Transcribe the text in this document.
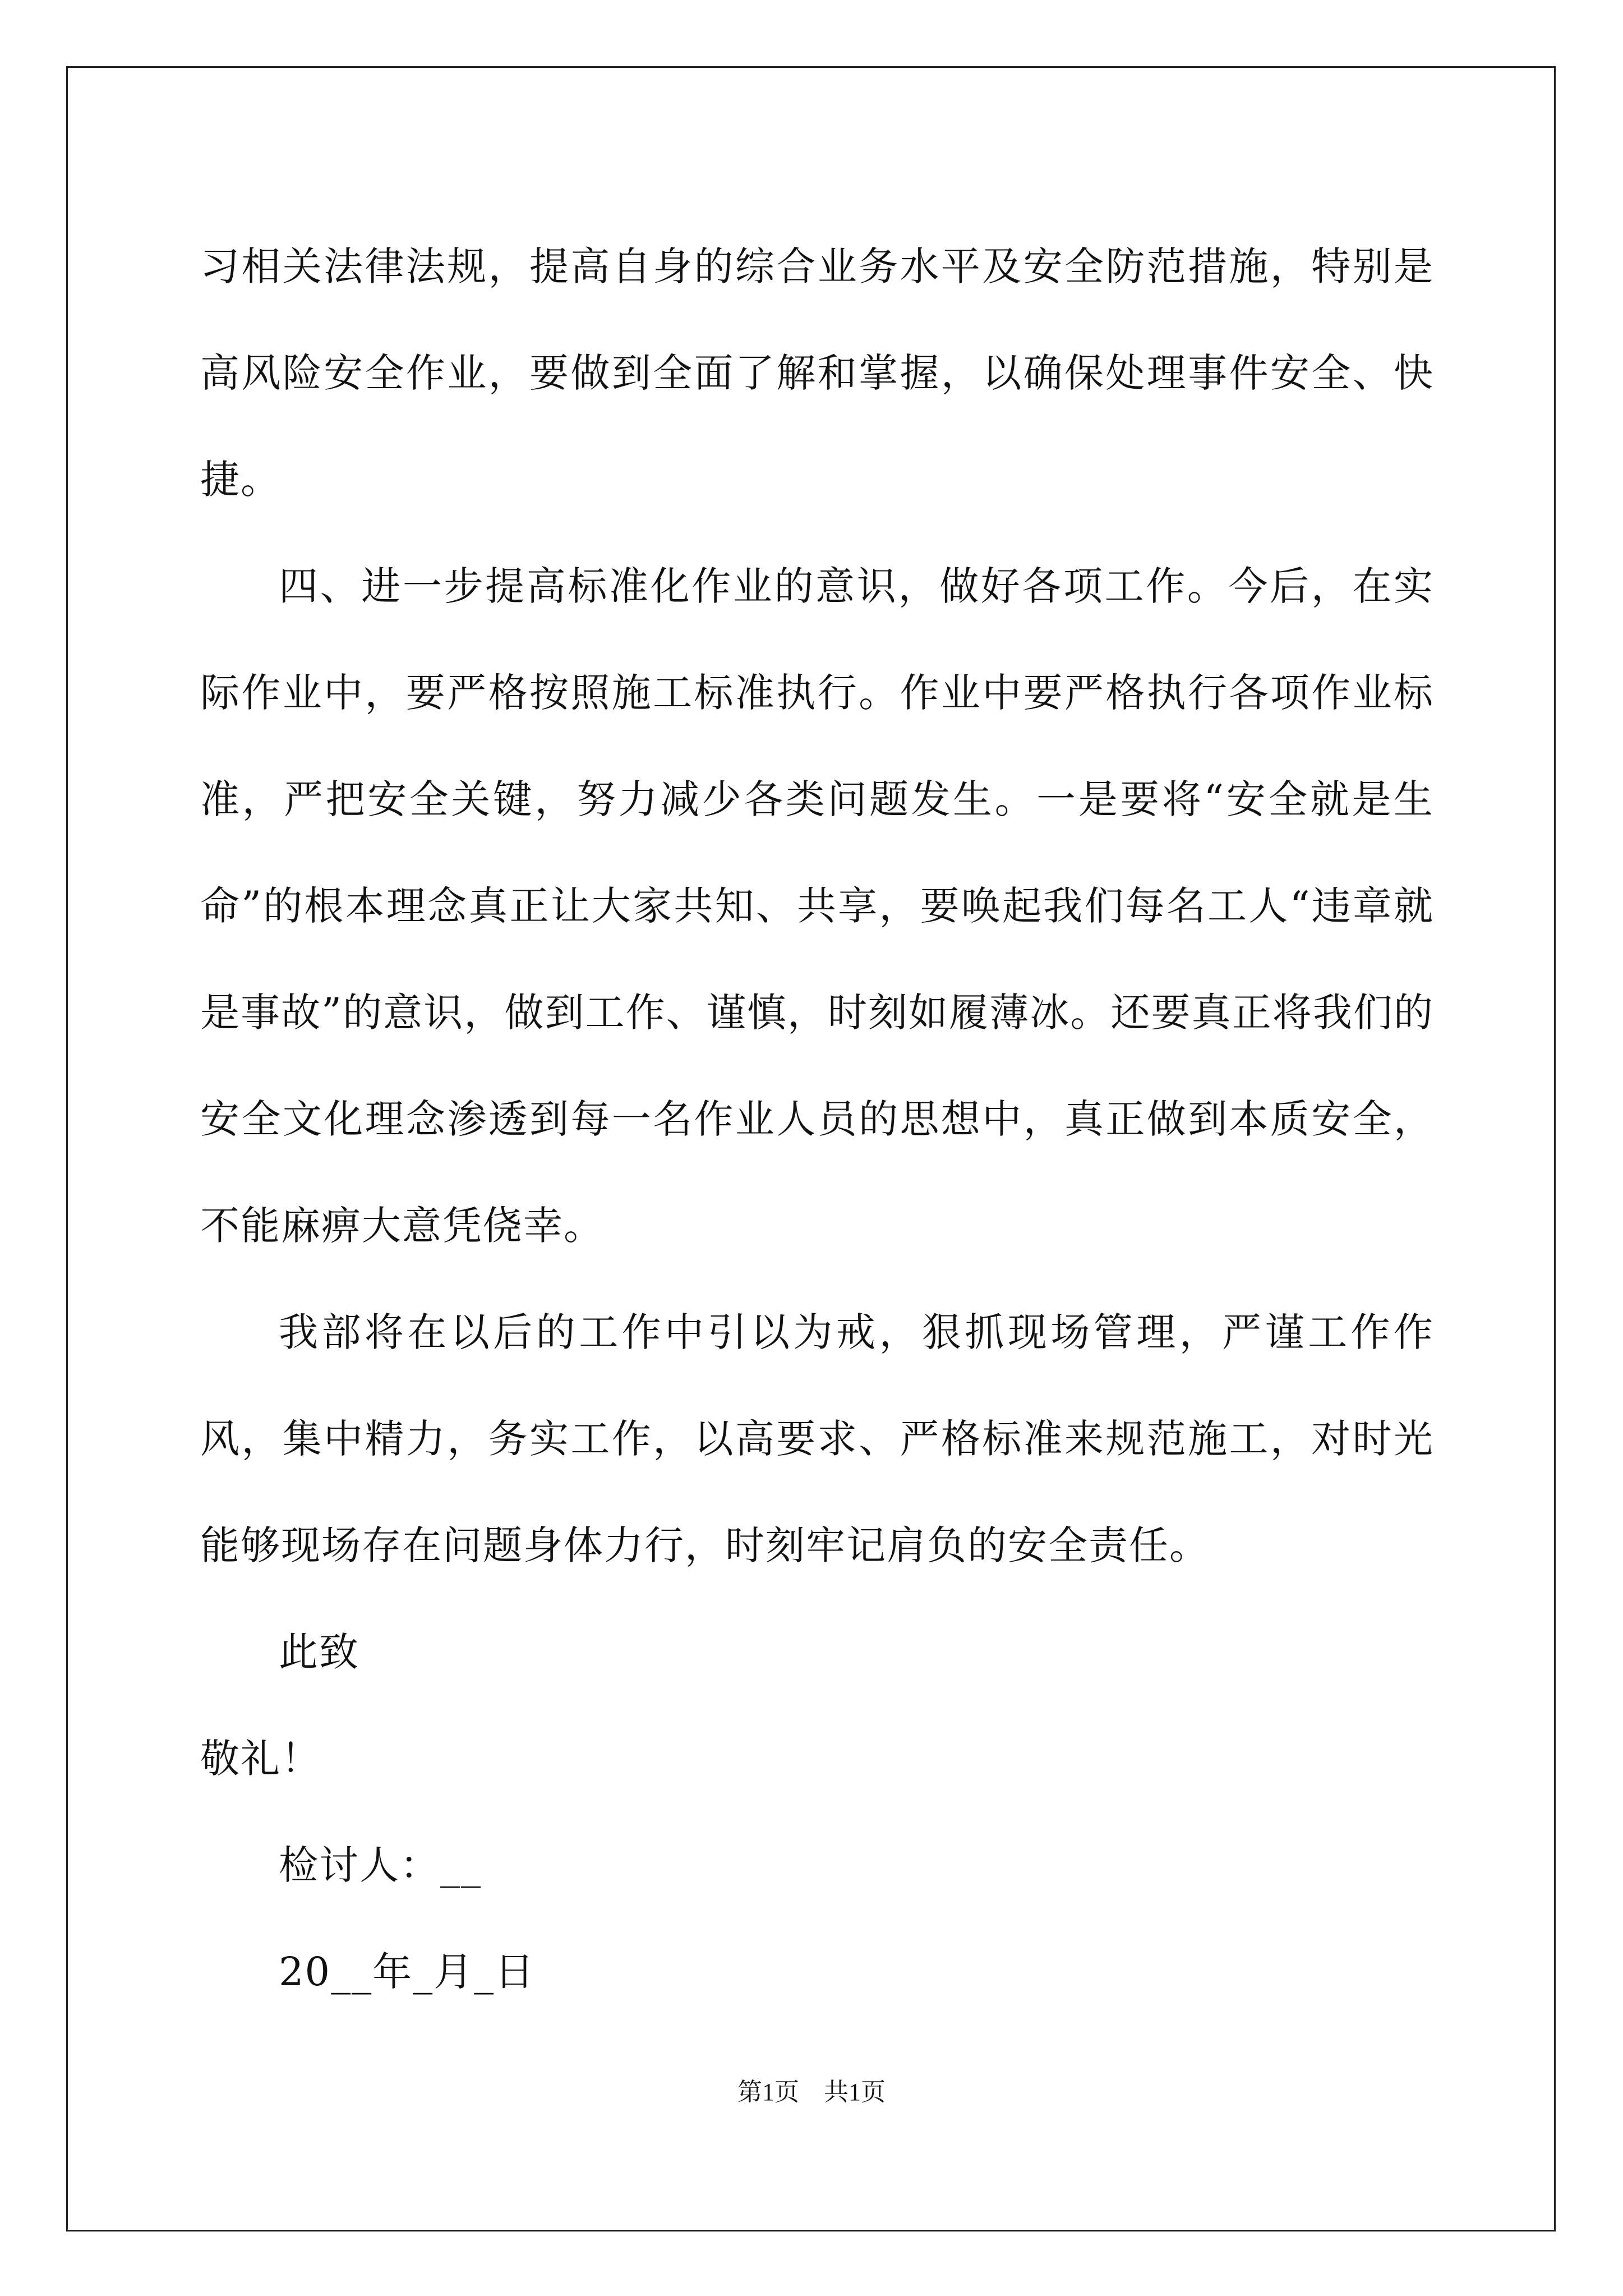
习相关法律法规，提高自身的综合业务水平及安全防范措施，特别是高风险安全作业，要做到全面了解和掌握，以确保处理事件安全、快捷。

四、进一步提高标准化作业的意识，做好各项工作。今后，在实际作业中，要严格按照施工标准执行。作业中要严格执行各项作业标准，严把安全关键，努力减少各类问题发生。一是要将“安全就是生命”的根本理念真正让大家共知、共享，要唤起我们每名工人“违章就是事故”的意识，做到工作、谨慎，时刻如履薄冰。还要真正将我们的安全文化理念渗透到每一名作业人员的思想中，真正做到本质安全，不能麻痹大意凭侥幸。

我部将在以后的工作中引以为戒，狠抓现场管理，严谨工作作风，集中精力，务实工作，以高要求、严格标准来规范施工，对时光能够现场存在问题身体力行，时刻牢记肩负的安全责任。

此致

敬礼！

检讨人：__

20__年_月_日

第1页 共1页
